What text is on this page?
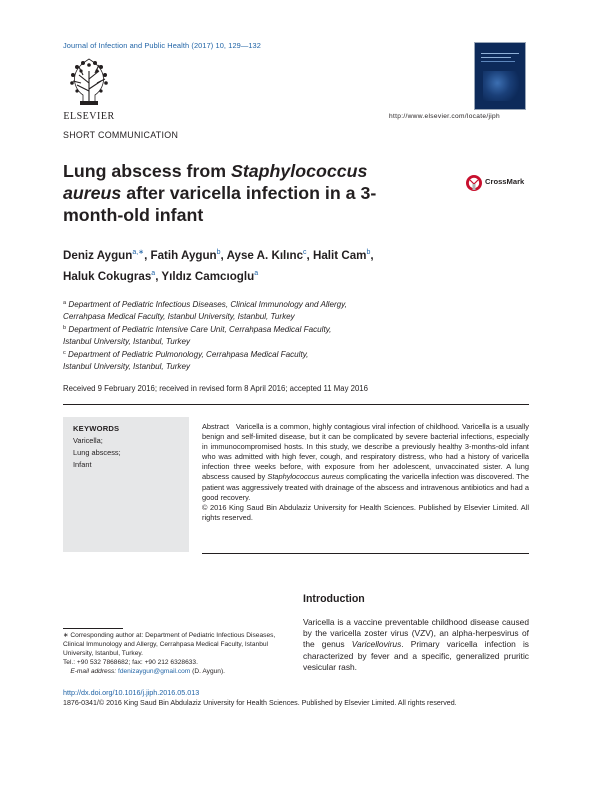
Journal of Infection and Public Health (2017) 10, 129—132
ELSEVIER	http://www.elsevier.com/locate/jiph
SHORT COMMUNICATION
Lung abscess from Staphylococcus aureus after varicella infection in a 3-month-old infant
CrossMark
Deniz Aygun$^{a,∗}$, Fatih Aygun$^b$, Ayse A. Kılınc$^c$, Halit Cam$^b$,
Haluk Cokugras$^a$, Yıldız Camcıoglu$^a$
$^a$ Department of Pediatric Infectious Diseases, Clinical Immunology and Allergy,
Cerrahpasa Medical Faculty, Istanbul University, Istanbul, Turkey
$^b$ Department of Pediatric Intensive Care Unit, Cerrahpasa Medical Faculty,
Istanbul University, Istanbul, Turkey
$^c$ Department of Pediatric Pulmonology, Cerrahpasa Medical Faculty,
Istanbul University, Istanbul, Turkey
Received 9 February 2016; received in revised form 8 April 2016; accepted 11 May 2016
KEYWORDS
Varicella;
Lung abscess;
Infant

Abstract Varicella is a common, highly contagious viral infection of childhood. Varicella is a usually benign and self-limited disease, but it can be complicated by severe bacterial infections, especially in immunocompromised hosts. In this study, we describe a previously healthy 3-months-old infant who was admitted with high fever, cough, and respiratory distress, who had a history of varicella infection three weeks before, with exposure from her adolescent, unvaccinated sister. A lung abscess caused by Staphylococcus aureus complicating the varicella infection was discovered. The patient was aggressively treated with drainage of the abscess and intravenous antibiotics and had a good recovery.

© 2016 King Saud Bin Abdulaziz University for Health Sciences. Published by Elsevier Limited. All rights reserved.

∗ Corresponding author at: Department of Pediatric Infectious Diseases, Clinical Immunology and Allergy, Cerrahpasa Medical Faculty, Istanbul University, Istanbul, Turkey.
Tel.: +90 532 7868682; fax: +90 212 6328633.
E-mail address: fdenizaygun@gmail.com (D. Aygun).
Introduction
Varicella is a vaccine preventable childhood disease caused by the varicella zoster virus (VZV), an alpha-herpesvirus of the genus Varicellovirus. Primary varicella infection is characterized by fever and a specific, generalized pruritic vesicular rash.
http://dx.doi.org/10.1016/j.jiph.2016.05.013
1876-0341/© 2016 King Saud Bin Abdulaziz University for Health Sciences. Published by Elsevier Limited. All rights reserved.
